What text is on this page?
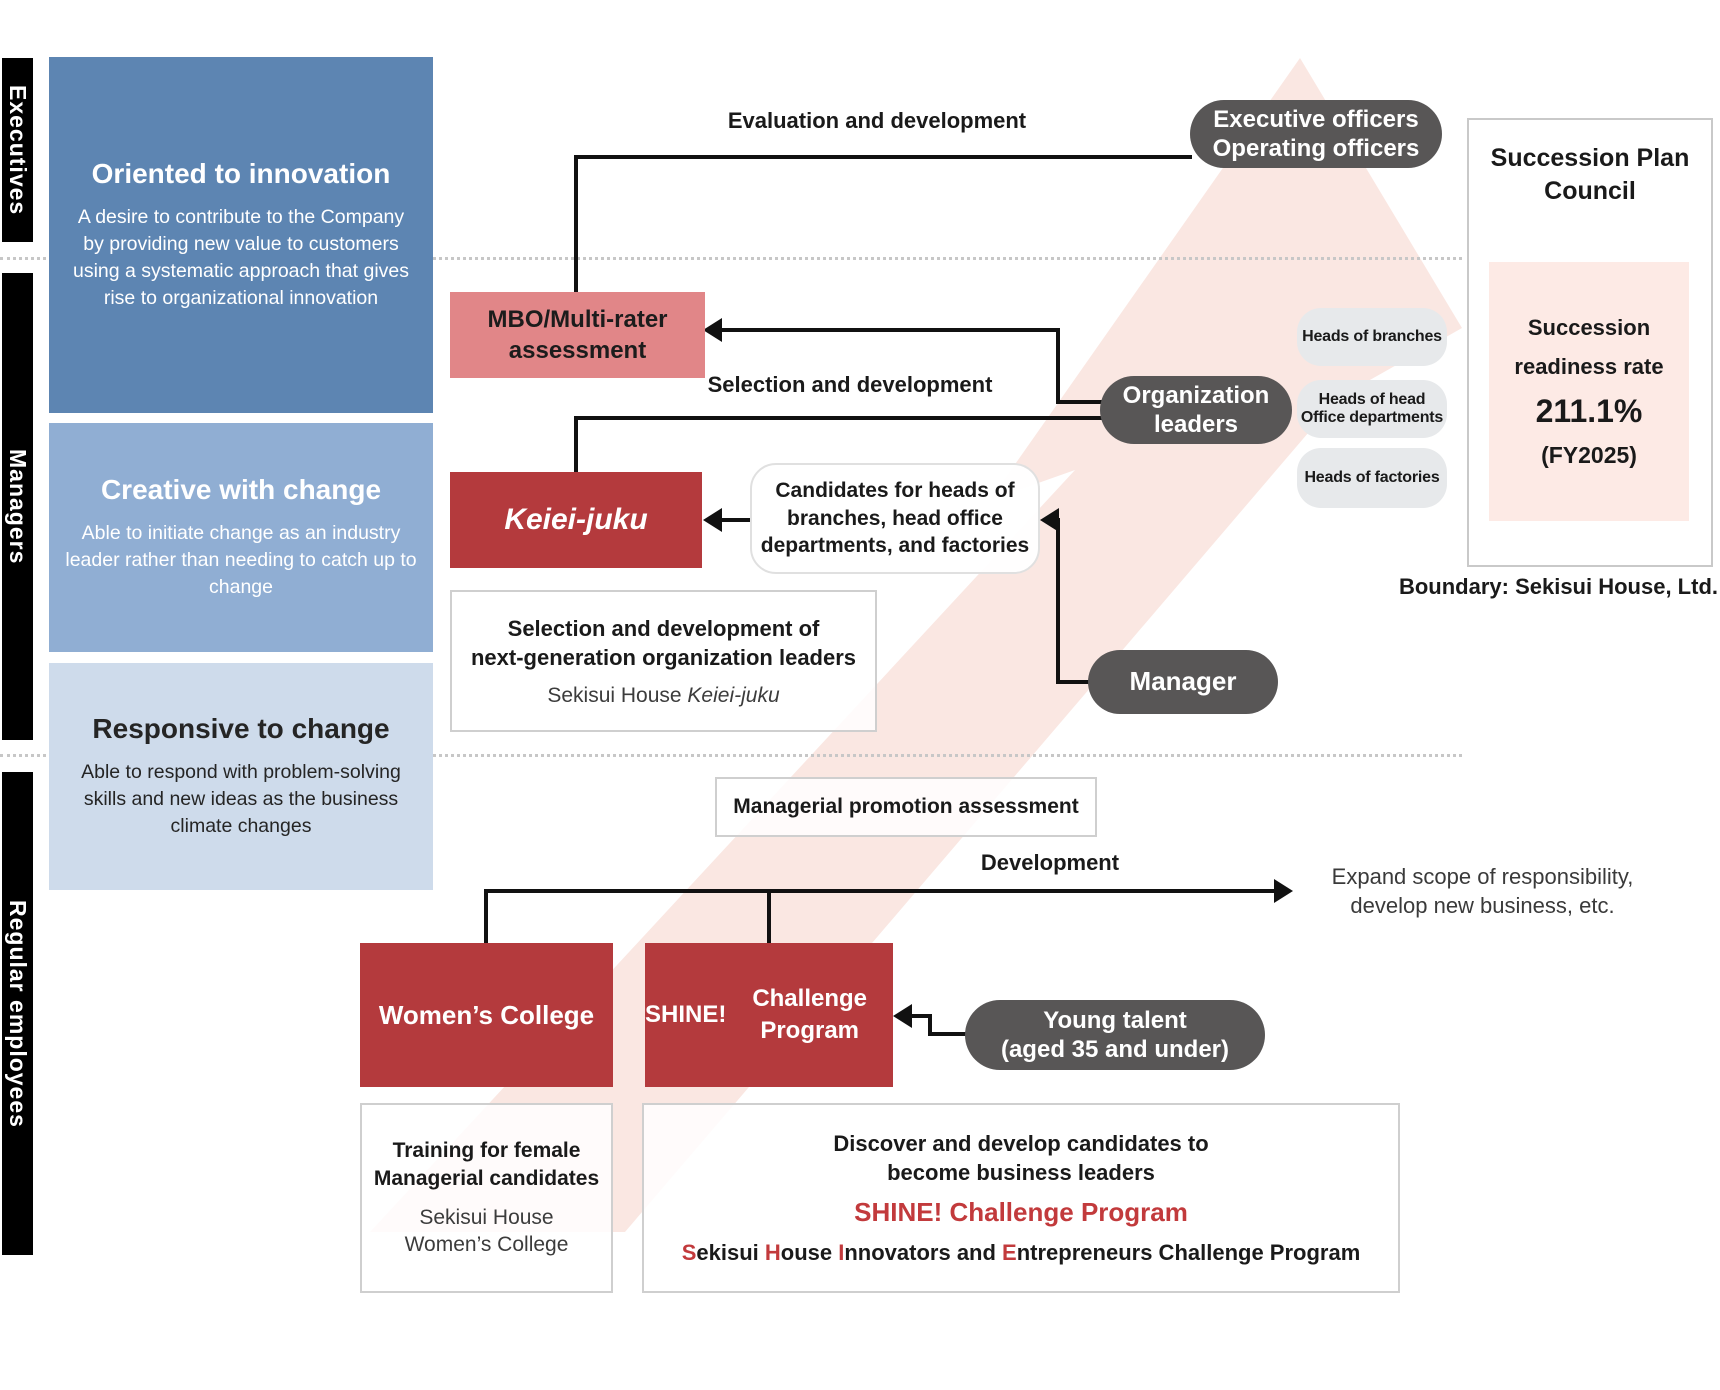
Executives
Managers
Regular employees
Oriented to innovation
A desire to contribute to the Company by providing new value to customers using a systematic approach that gives rise to organizational innovation
Creative with change
Able to initiate change as an industry leader rather than needing to catch up to change
Responsive to change
Able to respond with problem-solving skills and new ideas as the business climate changes
Evaluation and development
Selection and development
Development
Expand scope of responsibility,
develop new business, etc.
MBO/Multi-rater assessment
Keiei-juku
Selection and development of
next-generation organization leaders
Sekisui House Keiei-juku
Candidates for heads of branches, head office departments, and factories
Managerial promotion assessment
Women’s College SHINE!
Challenge Program
Executive officers
Operating officers
Organization
leaders
Manager
Young talent
(aged 35 and under)
Heads of branches
Heads of head Office departments
Heads of factories
Succession Plan Council
Succession
readiness rate
211.1%
(FY2025)
Boundary: Sekisui House, Ltd.
Training for female
Managerial candidates
Sekisui House
Women’s College
Discover and develop candidates to
become business leaders
SHINE! Challenge Program
Sekisui House Innovators and Entrepreneurs Challenge Program
